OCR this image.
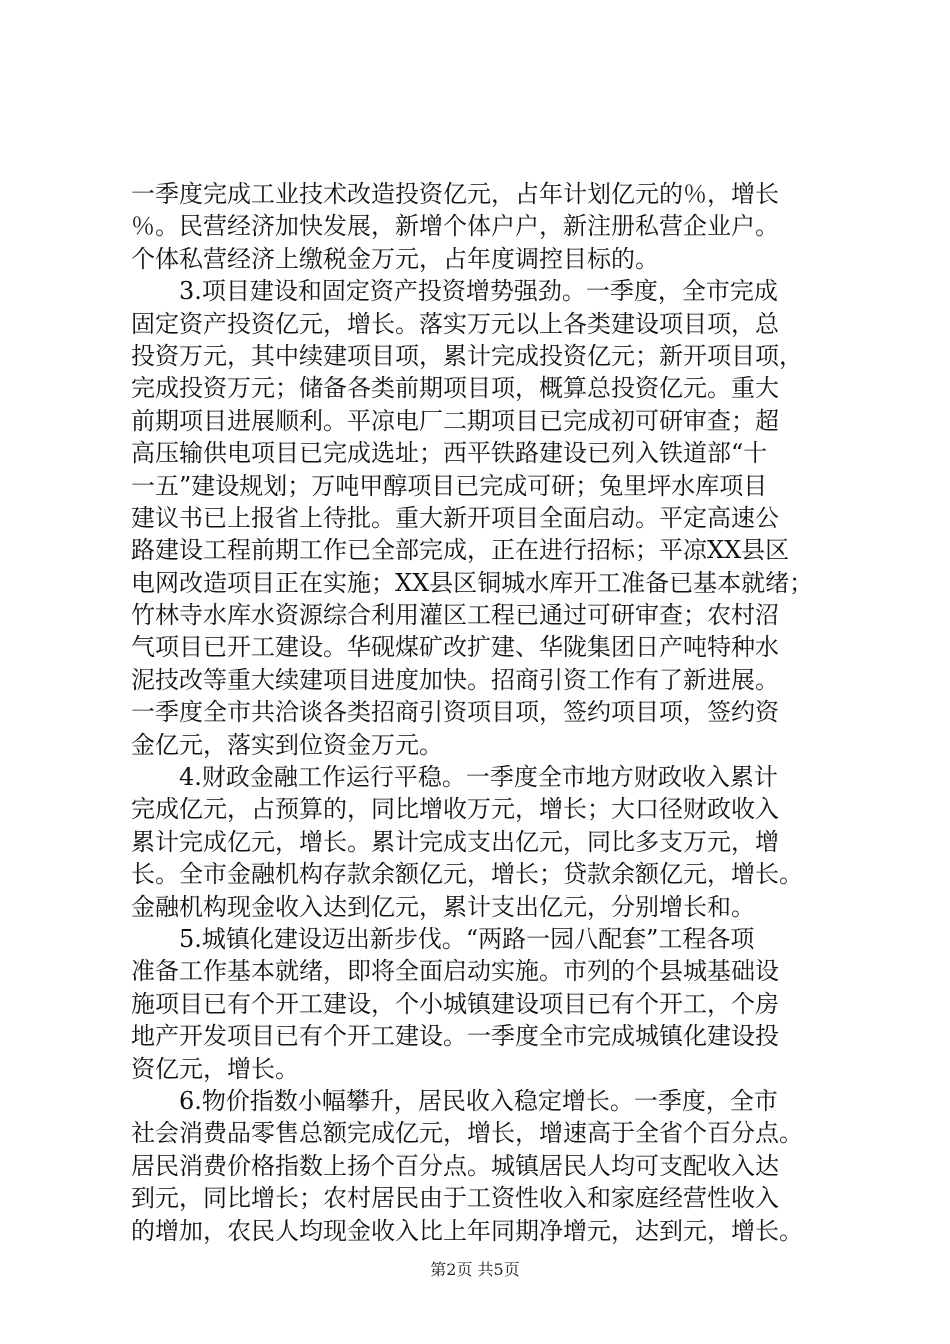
一季度完成工业技术改造投资亿元，占年计划亿元的％，增长
％。民营经济加快发展，新增个体户户，新注册私营企业户。
个体私营经济上缴税金万元，占年度调控目标的。
3.项目建设和固定资产投资增势强劲。一季度，全市完成
固定资产投资亿元，增长。落实万元以上各类建设项目项，总
投资万元，其中续建项目项，累计完成投资亿元；新开项目项，
完成投资万元；储备各类前期项目项，概算总投资亿元。重大
前期项目进展顺利。平凉电厂二期项目已完成初可研审查；超
高压输供电项目已完成选址；西平铁路建设已列入铁道部“十
一五”建设规划；万吨甲醇项目已完成可研；兔里坪水库项目
建议书已上报省上待批。重大新开项目全面启动。平定高速公
路建设工程前期工作已全部完成，正在进行招标；平凉XX县区
电网改造项目正在实施；XX县区铜城水库开工准备已基本就绪；
竹林寺水库水资源综合利用灌区工程已通过可研审查；农村沼
气项目已开工建设。华砚煤矿改扩建、华陇集团日产吨特种水
泥技改等重大续建项目进度加快。招商引资工作有了新进展。
一季度全市共洽谈各类招商引资项目项，签约项目项，签约资
金亿元，落实到位资金万元。
4.财政金融工作运行平稳。一季度全市地方财政收入累计
完成亿元，占预算的，同比增收万元，增长；大口径财政收入
累计完成亿元，增长。累计完成支出亿元，同比多支万元，增
长。全市金融机构存款余额亿元，增长；贷款余额亿元，增长。
金融机构现金收入达到亿元，累计支出亿元，分别增长和。
5.城镇化建设迈出新步伐。“两路一园八配套”工程各项
准备工作基本就绪，即将全面启动实施。市列的个县城基础设
施项目已有个开工建设，个小城镇建设项目已有个开工，个房
地产开发项目已有个开工建设。一季度全市完成城镇化建设投
资亿元，增长。
6.物价指数小幅攀升，居民收入稳定增长。一季度，全市
社会消费品零售总额完成亿元，增长，增速高于全省个百分点。
居民消费价格指数上扬个百分点。城镇居民人均可支配收入达
到元，同比增长；农村居民由于工资性收入和家庭经营性收入
的增加，农民人均现金收入比上年同期净增元，达到元，增长。
第2页 共5页
